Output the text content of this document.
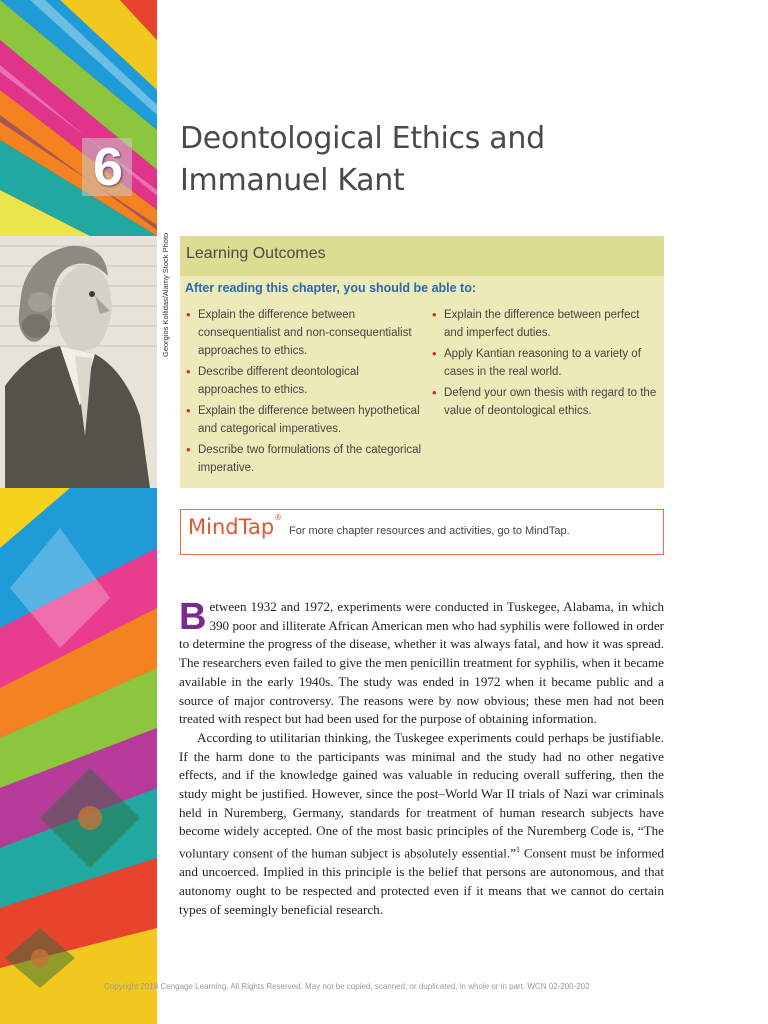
6
Georgios Kollidas/Alamy Stock Photo
Deontological Ethics and
Immanuel Kant
Learning Outcomes
After reading this chapter, you should be able to:
• Explain the difference between consequentialist and non-consequentialist approaches to ethics.
• Describe different deontological approaches to ethics.
• Explain the difference between hypothetical and categorical imperatives.
• Describe two formulations of the categorical imperative.
• Explain the difference between perfect and imperfect duties.
• Apply Kantian reasoning to a variety of cases in the real world.
• Defend your own thesis with regard to the value of deontological ethics.
MindTap®
For more chapter resources and activities, go to MindTap.

Between 1932 and 1972, experiments were conducted in Tuskegee, Alabama, in which 390 poor and illiterate African American men who had syphilis were followed in order to determine the progress of the disease, whether it was always fatal, and how it was spread. The researchers even failed to give the men penicillin treatment for syphilis, when it became available in the early 1940s. The study was ended in 1972 when it became public and a source of major controversy. The reasons were by now obvious; these men had not been treated with respect but had been used for the purpose of obtaining information.

According to utilitarian thinking, the Tuskegee experiments could perhaps be justifiable. If the harm done to the participants was minimal and the study had no other negative effects, and if the knowledge gained was valuable in reducing overall suffering, then the study might be justified. However, since the post–World War II trials of Nazi war criminals held in Nuremberg, Germany, standards for treatment of human research subjects have become widely accepted. One of the most basic principles of the Nuremberg Code is, “The voluntary consent of the human subject is absolutely essential.”$^1$ Consent must be informed and uncoerced. Implied in this principle is the belief that persons are autonomous, and that autonomy ought to be respected and protected even if it means that we cannot do certain types of seemingly beneficial research.

Copyright 2018 Cengage Learning. All Rights Reserved. May not be copied, scanned, or duplicated, in whole or in part. WCN 02-200-202
